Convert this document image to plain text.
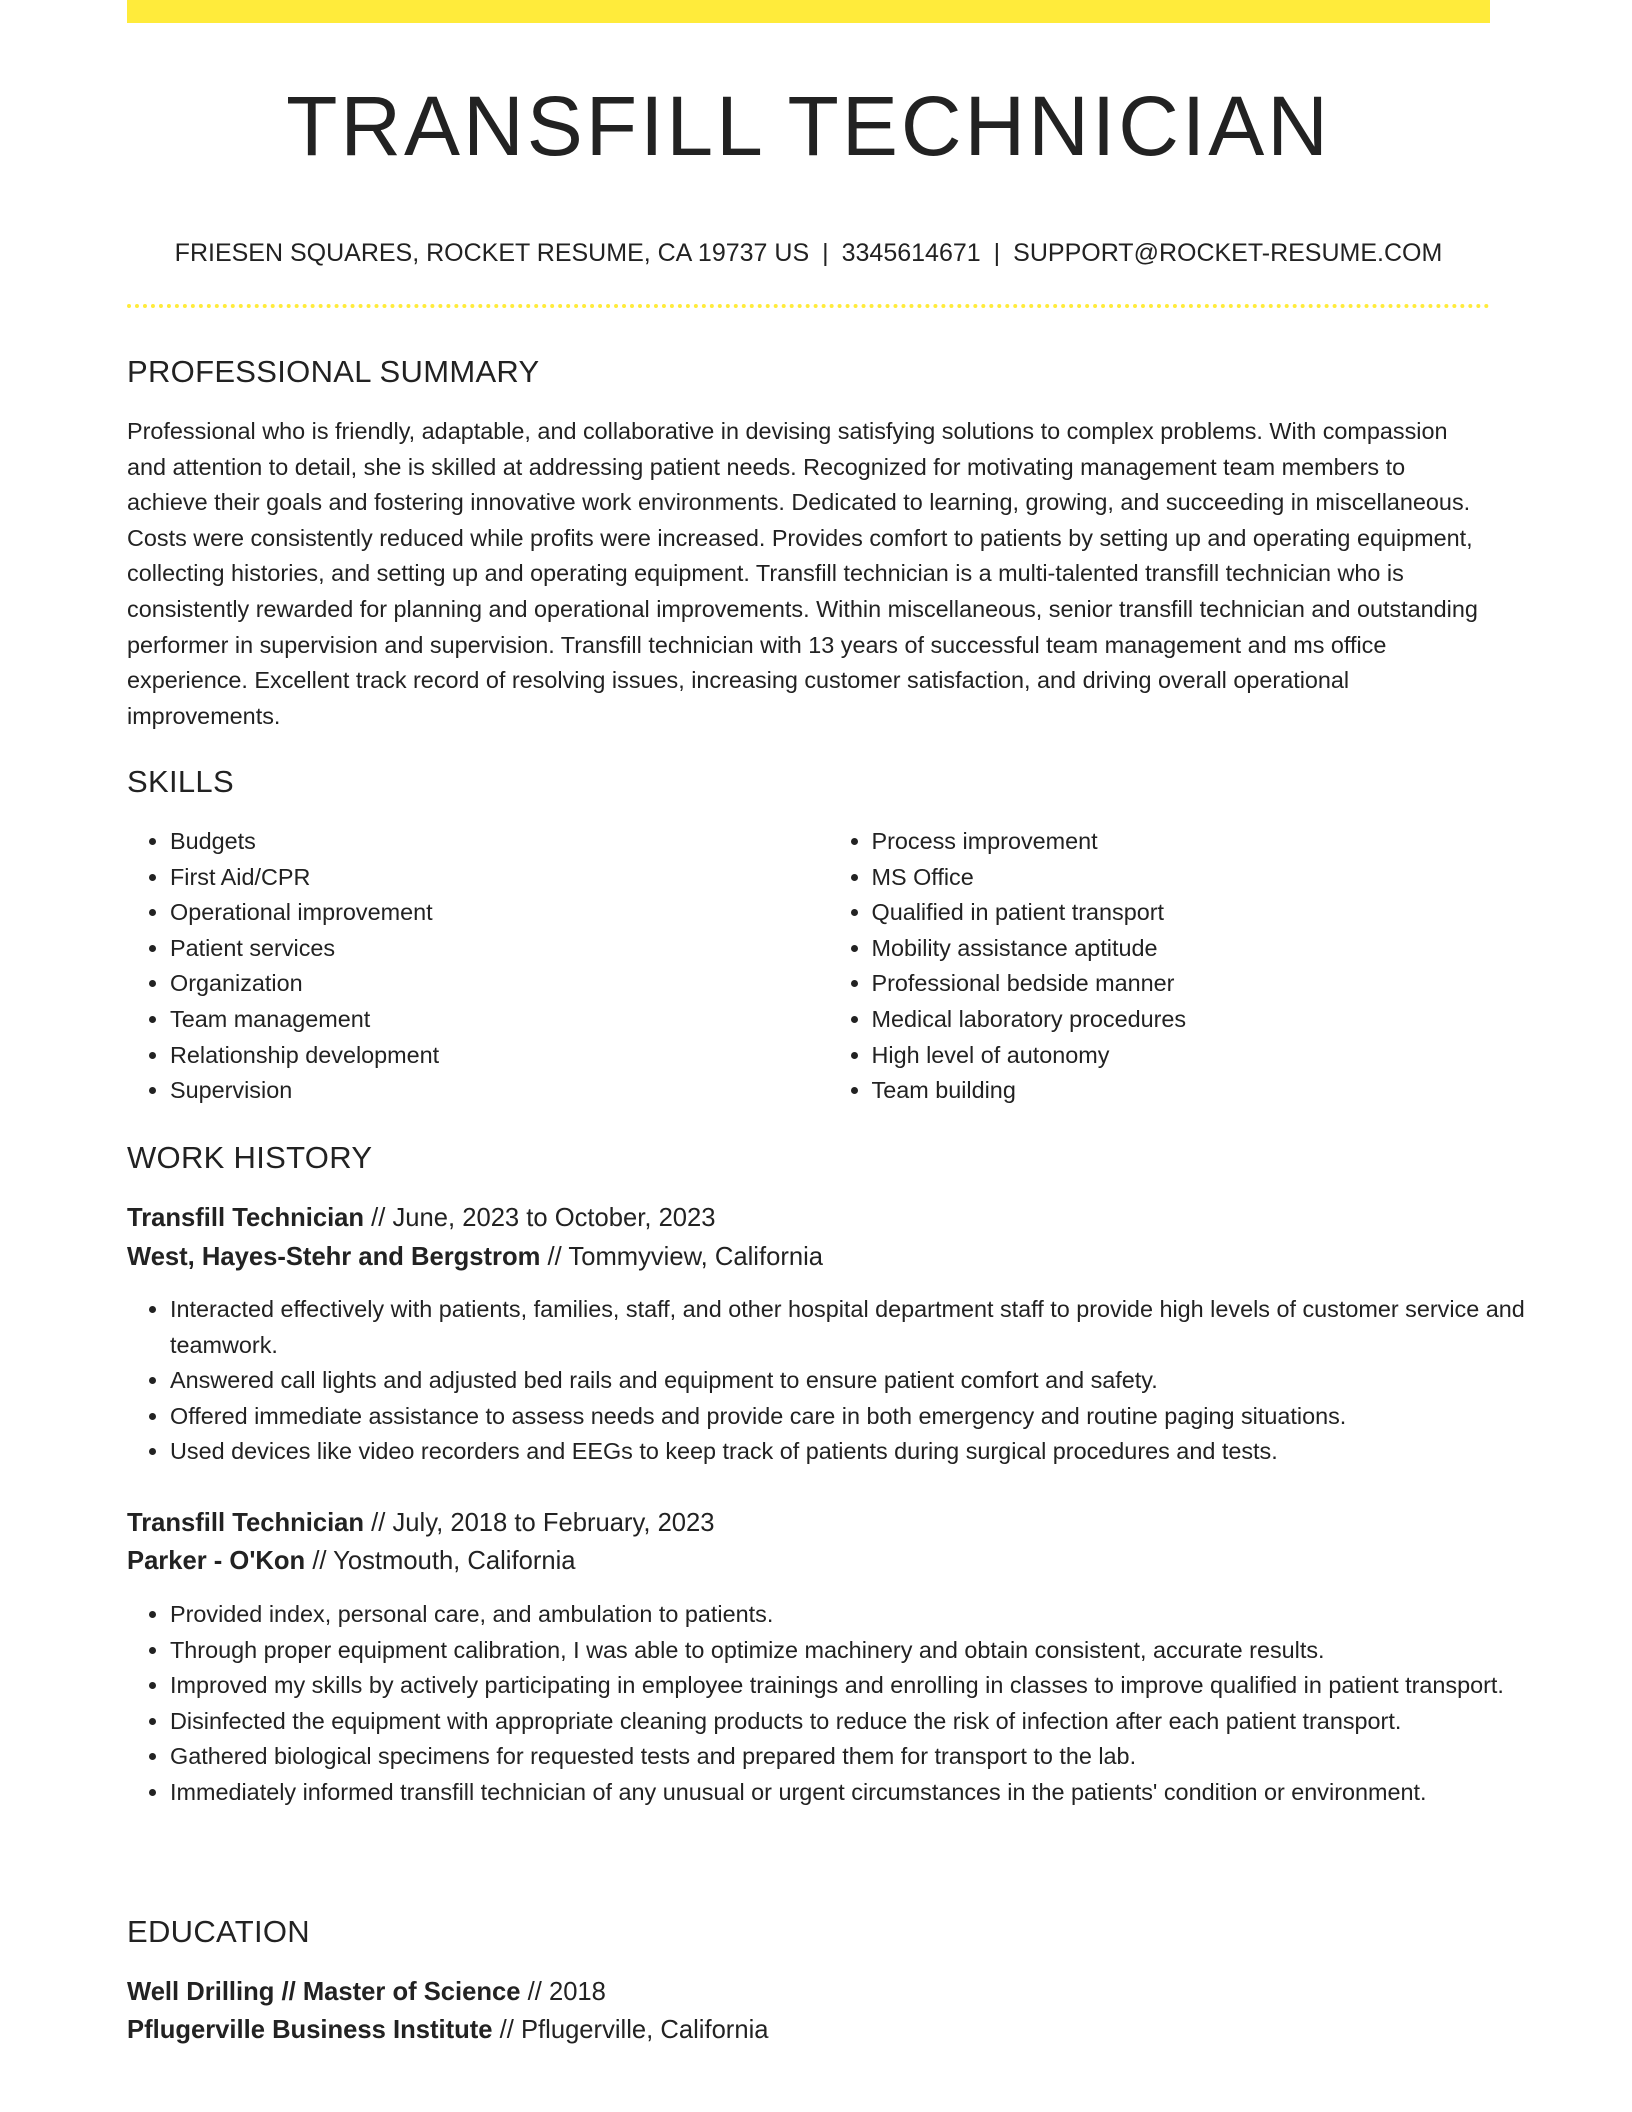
TRANSFILL TECHNICIAN
FRIESEN SQUARES, ROCKET RESUME, CA 19737 US | 3345614671 | SUPPORT@ROCKET-RESUME.COM
PROFESSIONAL SUMMARY

Professional who is friendly, adaptable, and collaborative in devising satisfying solutions to complex problems. With compassion and attention to detail, she is skilled at addressing patient needs. Recognized for motivating management team members to achieve their goals and fostering innovative work environments. Dedicated to learning, growing, and succeeding in miscellaneous. Costs were consistently reduced while profits were increased. Provides comfort to patients by setting up and operating equipment, collecting histories, and setting up and operating equipment. Transfill technician is a multi-talented transfill technician who is consistently rewarded for planning and operational improvements. Within miscellaneous, senior transfill technician and outstanding performer in supervision and supervision. Transfill technician with 13 years of successful team management and ms office experience. Excellent track record of resolving issues, increasing customer satisfaction, and driving overall operational improvements.

SKILLS
• Budgets
• First Aid/CPR
• Operational improvement
• Patient services
• Organization
• Team management
• Relationship development
• Supervision
• Process improvement
• MS Office
• Qualified in patient transport
• Mobility assistance aptitude
• Professional bedside manner
• Medical laboratory procedures
• High level of autonomy
• Team building
WORK HISTORY
Transfill Technician // June, 2023 to October, 2023
West, Hayes-Stehr and Bergstrom // Tommyview, California
• Interacted effectively with patients, families, staff, and other hospital department staff to provide high levels of customer service and teamwork.
• Answered call lights and adjusted bed rails and equipment to ensure patient comfort and safety.
• Offered immediate assistance to assess needs and provide care in both emergency and routine paging situations.
• Used devices like video recorders and EEGs to keep track of patients during surgical procedures and tests.
Transfill Technician // July, 2018 to February, 2023
Parker - O'Kon // Yostmouth, California
• Provided index, personal care, and ambulation to patients.
• Through proper equipment calibration, I was able to optimize machinery and obtain consistent, accurate results.
• Improved my skills by actively participating in employee trainings and enrolling in classes to improve qualified in patient transport.
• Disinfected the equipment with appropriate cleaning products to reduce the risk of infection after each patient transport.
• Gathered biological specimens for requested tests and prepared them for transport to the lab.
• Immediately informed transfill technician of any unusual or urgent circumstances in the patients' condition or environment.
EDUCATION
Well Drilling // Master of Science // 2018
Pflugerville Business Institute // Pflugerville, California
